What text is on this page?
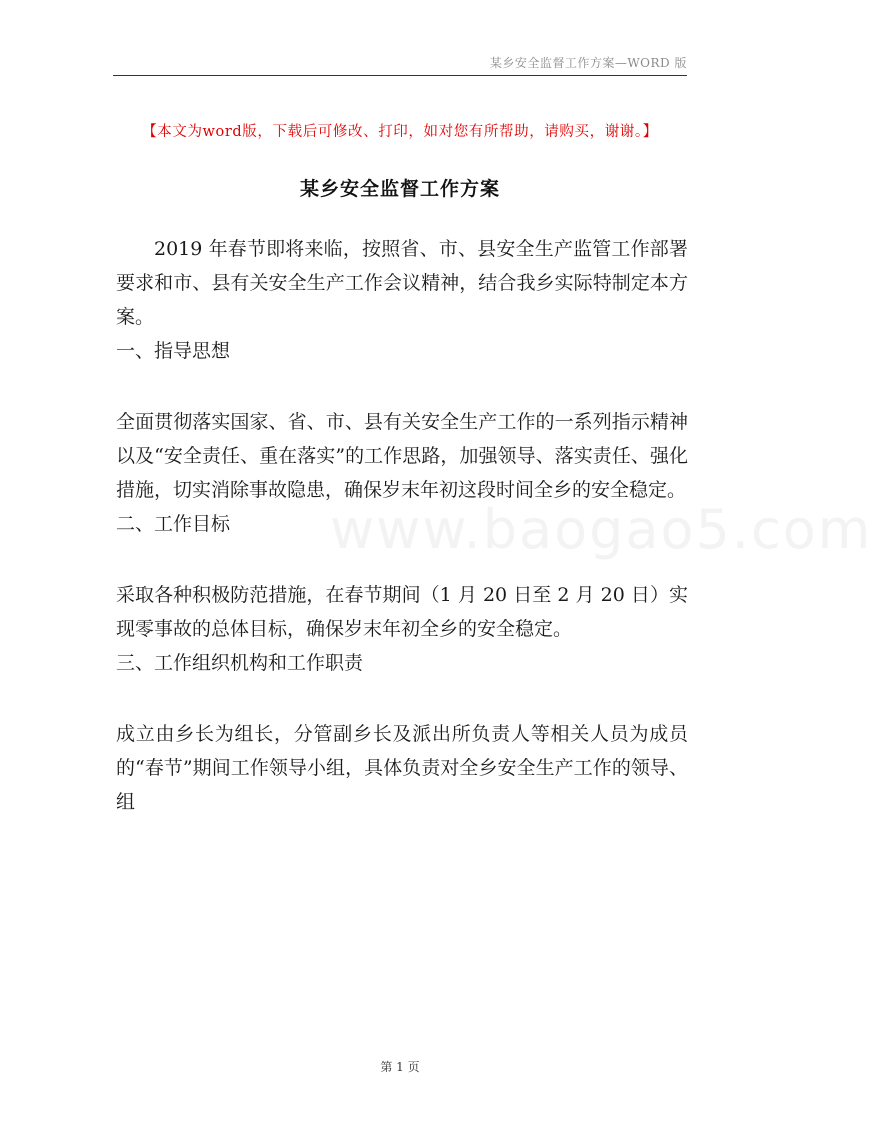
某乡安全监督工作方案—WORD 版
【本文为word版，下载后可修改、打印，如对您有所帮助，请购买，谢谢。】
某乡安全监督工作方案
www.baogao5.com

2019 年春节即将来临，按照省、市、县安全生产监管工作部署要求和市、县有关安全生产工作会议精神，结合我乡实际特制定本方案。

一、指导思想

全面贯彻落实国家、省、市、县有关安全生产工作的一系列指示精神以及“安全责任、重在落实”的工作思路，加强领导、落实责任、强化措施，切实消除事故隐患，确保岁末年初这段时间全乡的安全稳定。

二、工作目标

采取各种积极防范措施，在春节期间（1 月 20 日至 2 月 20 日）实现零事故的总体目标，确保岁末年初全乡的安全稳定。

三、工作组织机构和工作职责

成立由乡长为组长，分管副乡长及派出所负责人等相关人员为成员的“春节”期间工作领导小组，具体负责对全乡安全生产工作的领导、组

第 1 页
